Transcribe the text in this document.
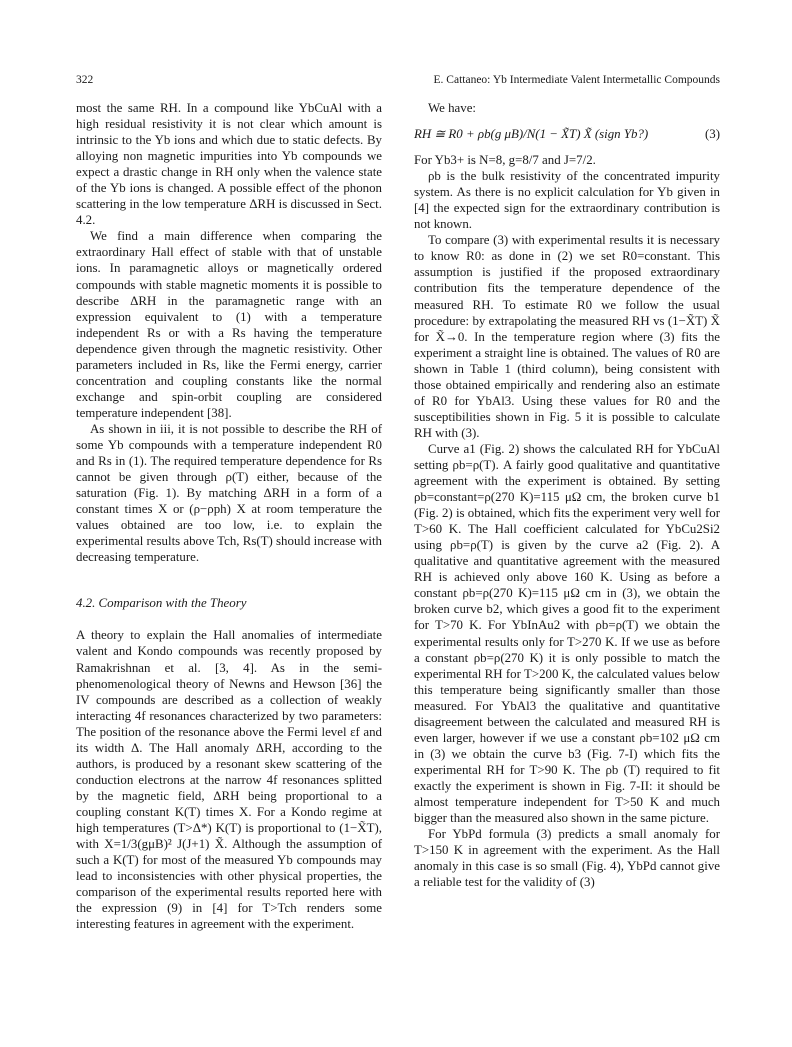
322	E. Cattaneo: Yb Intermediate Valent Intermetallic Compounds

most the same RH. In a compound like YbCuAl with a high residual resistivity it is not clear which amount is intrinsic to the Yb ions and which due to static defects. By alloying non magnetic impurities into Yb compounds we expect a drastic change in RH only when the valence state of the Yb ions is changed. A possible effect of the phonon scattering in the low temperature ΔRH is discussed in Sect. 4.2.

We find a main difference when comparing the extraordinary Hall effect of stable with that of unstable ions. In paramagnetic alloys or magnetically ordered compounds with stable magnetic moments it is possible to describe ΔRH in the paramagnetic range with an expression equivalent to (1) with a temperature independent Rs or with a Rs having the temperature dependence given through the magnetic resistivity. Other parameters included in Rs, like the Fermi energy, carrier concentration and coupling constants like the normal exchange and spin-orbit coupling are considered temperature independent [38].

As shown in iii, it is not possible to describe the RH of some Yb compounds with a temperature independent R0 and Rs in (1). The required temperature dependence for Rs cannot be given through ρ(T) either, because of the saturation (Fig. 1). By matching ΔRH in a form of a constant times X or (ρ−ρph) X at room temperature the values obtained are too low, i.e. to explain the experimental results above Tch, Rs(T) should increase with decreasing temperature.

4.2. Comparison with the Theory

A theory to explain the Hall anomalies of intermediate valent and Kondo compounds was recently proposed by Ramakrishnan et al. [3, 4]. As in the semi-phenomenological theory of Newns and Hewson [36] the IV compounds are described as a collection of weakly interacting 4f resonances characterized by two parameters: The position of the resonance above the Fermi level εf and its width Δ. The Hall anomaly ΔRH, according to the authors, is produced by a resonant skew scattering of the conduction electrons at the narrow 4f resonances splitted by the magnetic field, ΔRH being proportional to a coupling constant K(T) times X. For a Kondo regime at high temperatures (T>Δ*) K(T) is proportional to (1−X̃T), with X=1/3(gμB)² J(J+1) X̃. Although the assumption of such a K(T) for most of the measured Yb compounds may lead to inconsistencies with other physical properties, the comparison of the experimental results reported here with the expression (9) in [4] for T>Tch renders some interesting features in agreement with the experiment.

We have:

RH ≅ R0 + ρb(g μB)/N(1 − X̃T) X̃ (sign Yb?)	(3)

For Yb3+ is N=8, g=8/7 and J=7/2.

ρb is the bulk resistivity of the concentrated impurity system. As there is no explicit calculation for Yb given in [4] the expected sign for the extraordinary contribution is not known.

To compare (3) with experimental results it is necessary to know R0: as done in (2) we set R0=constant. This assumption is justified if the proposed extraordinary contribution fits the temperature dependence of the measured RH. To estimate R0 we follow the usual procedure: by extrapolating the measured RH vs (1−X̃T) X̃ for X̃→0. In the temperature region where (3) fits the experiment a straight line is obtained. The values of R0 are shown in Table 1 (third column), being consistent with those obtained empirically and rendering also an estimate of R0 for YbAl3. Using these values for R0 and the susceptibilities shown in Fig. 5 it is possible to calculate RH with (3).

Curve a1 (Fig. 2) shows the calculated RH for YbCuAl setting ρb=ρ(T). A fairly good qualitative and quantitative agreement with the experiment is obtained. By setting ρb=constant=ρ(270 K)=115 μΩ cm, the broken curve b1 (Fig. 2) is obtained, which fits the experiment very well for T>60 K. The Hall coefficient calculated for YbCu2Si2 using ρb=ρ(T) is given by the curve a2 (Fig. 2). A qualitative and quantitative agreement with the measured RH is achieved only above 160 K. Using as before a constant ρb=ρ(270 K)=115 μΩ cm in (3), we obtain the broken curve b2, which gives a good fit to the experiment for T>70 K. For YbInAu2 with ρb=ρ(T) we obtain the experimental results only for T>270 K. If we use as before a constant ρb=ρ(270 K) it is only possible to match the experimental RH for T>200 K, the calculated values below this temperature being significantly smaller than those measured. For YbAl3 the qualitative and quantitative disagreement between the calculated and measured RH is even larger, however if we use a constant ρb=102 μΩ cm in (3) we obtain the curve b3 (Fig. 7-I) which fits the experimental RH for T>90 K. The ρb (T) required to fit exactly the experiment is shown in Fig. 7-II: it should be almost temperature independent for T>50 K and much bigger than the measured also shown in the same picture.

For YbPd formula (3) predicts a small anomaly for T>150 K in agreement with the experiment. As the Hall anomaly in this case is so small (Fig. 4), YbPd cannot give a reliable test for the validity of (3)
